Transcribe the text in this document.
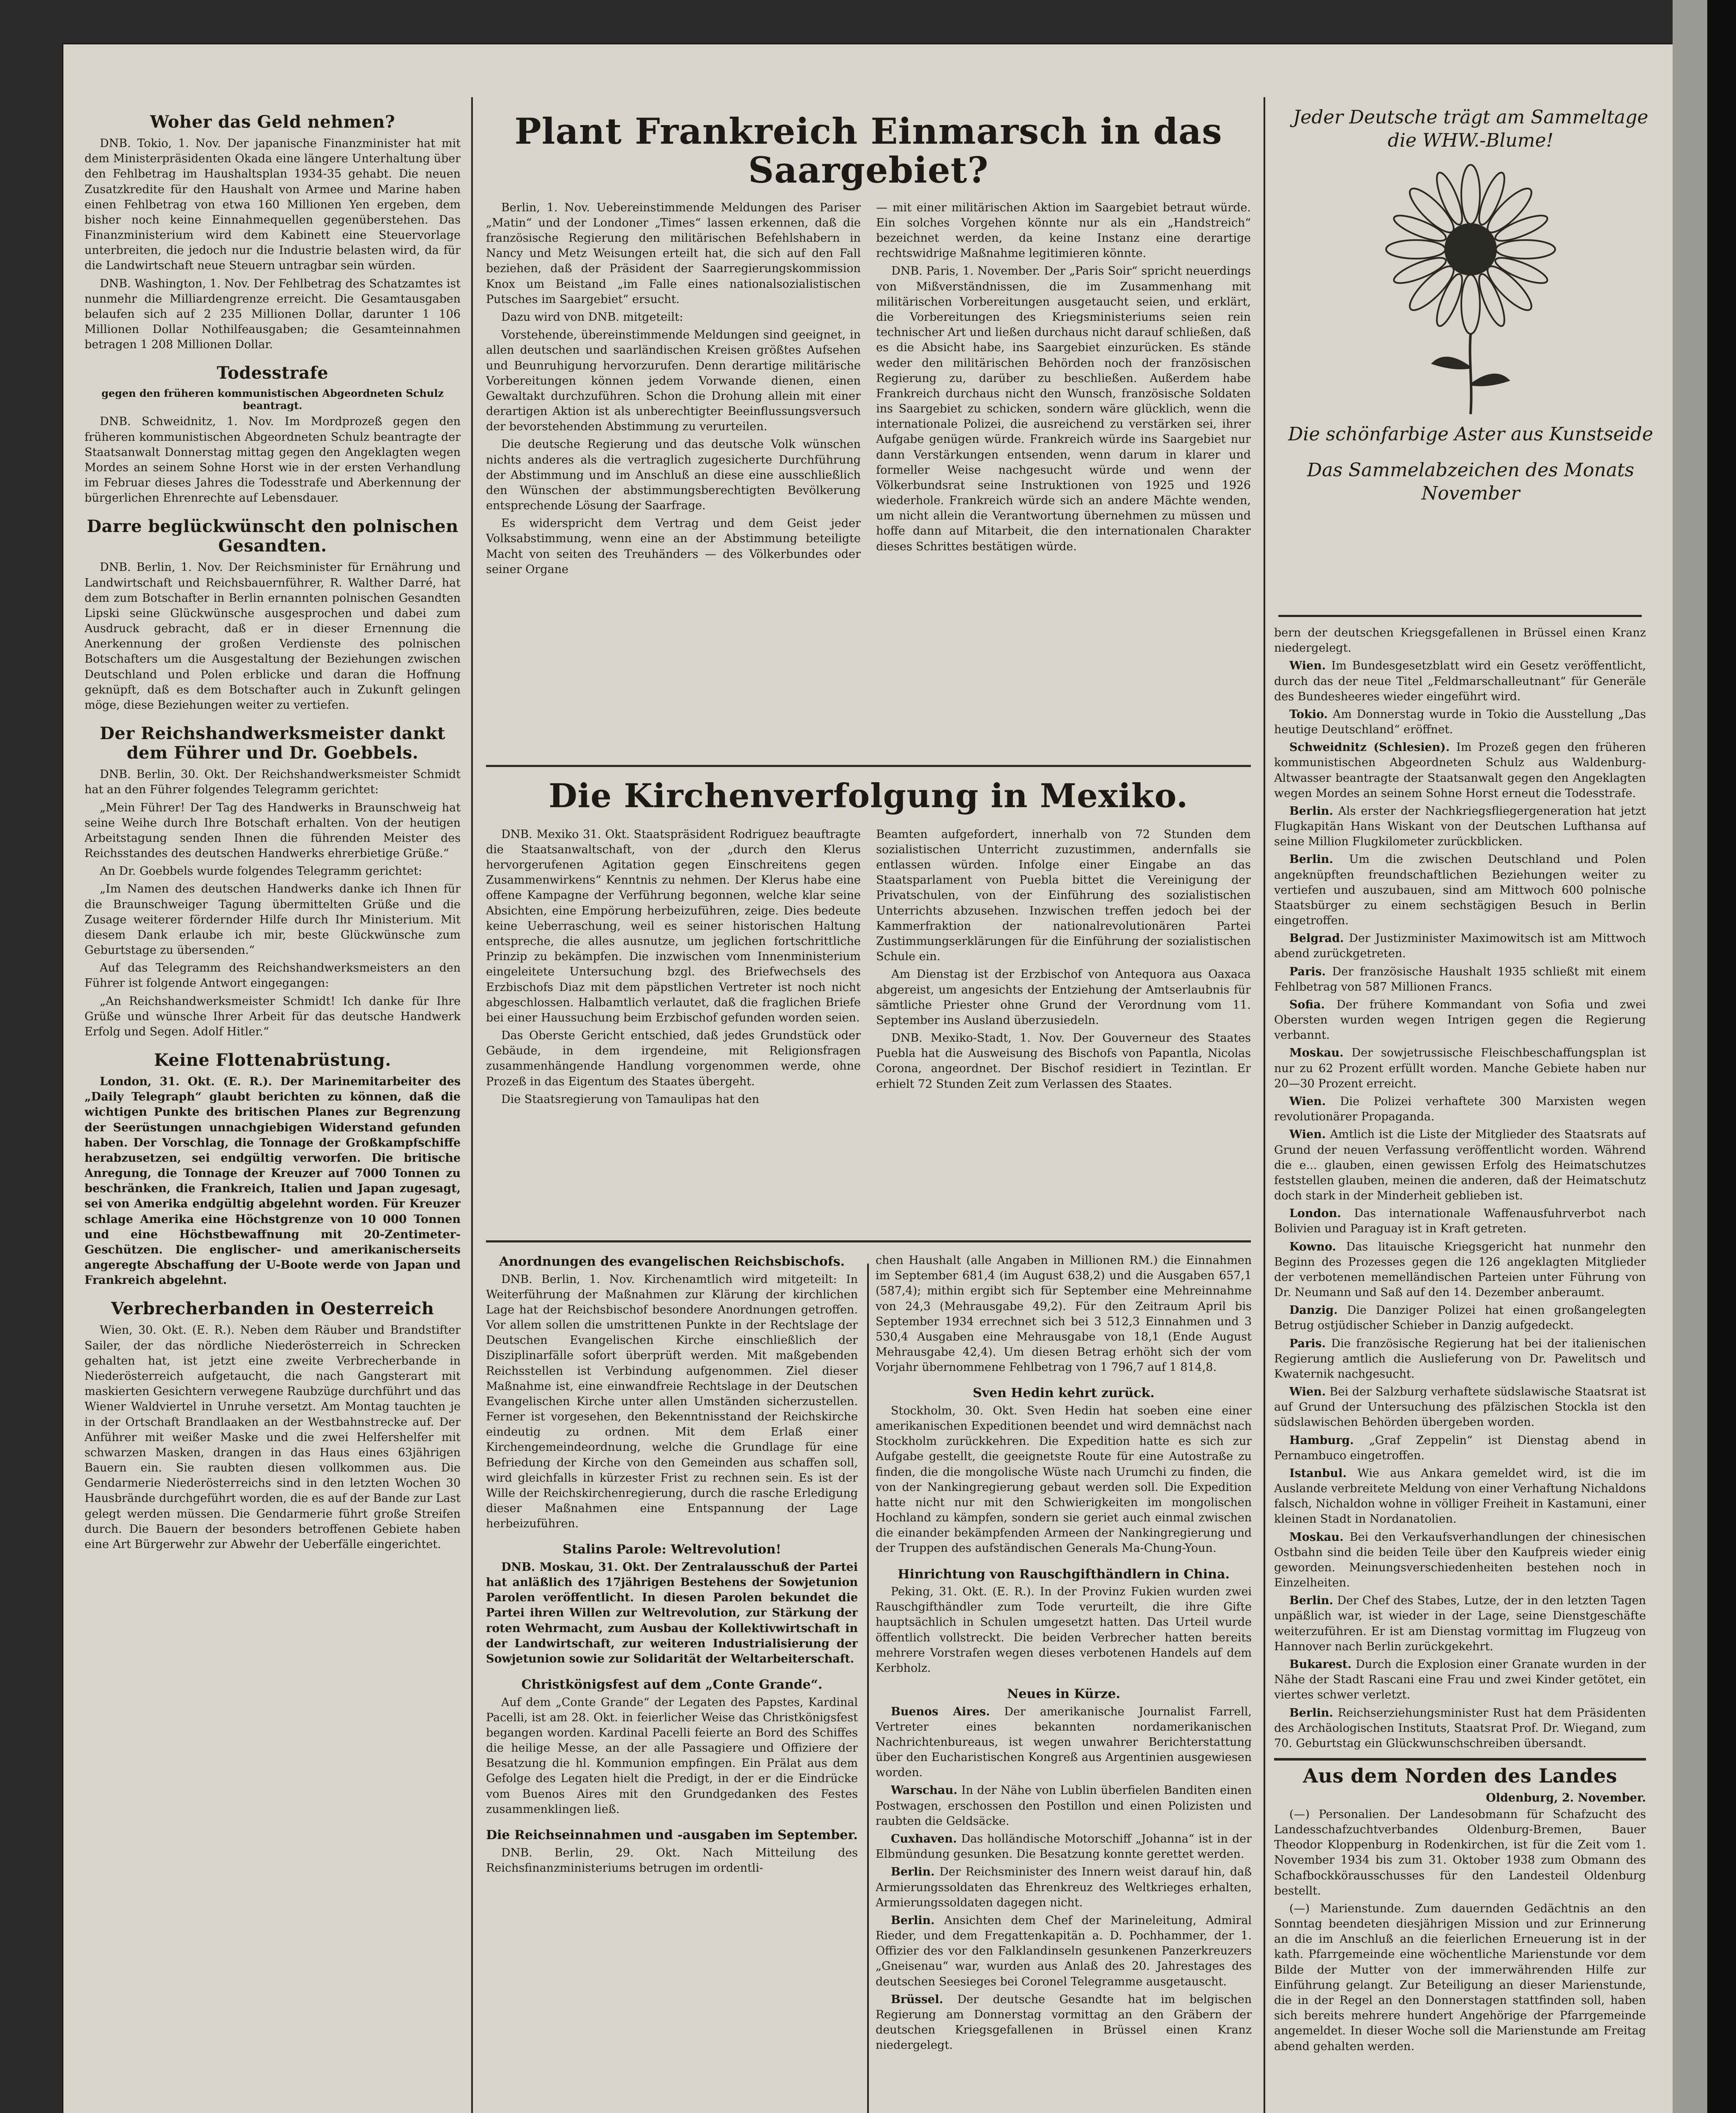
Woher das Geld nehmen?

DNB. Tokio, 1. Nov. Der japanische Finanzminister hat mit dem Ministerpräsidenten Okada eine längere Unterhaltung über den Fehlbetrag im Haushaltsplan 1934-35 gehabt. Die neuen Zusatzkredite für den Haushalt von Armee und Marine haben einen Fehlbetrag von etwa 160 Millionen Yen ergeben, dem bisher noch keine Einnahmequellen gegenüberstehen. Das Finanzministerium wird dem Kabinett eine Steuervorlage unterbreiten, die jedoch nur die Industrie belasten wird, da für die Landwirtschaft neue Steuern untragbar sein würden.

DNB. Washington, 1. Nov. Der Fehlbetrag des Schatzamtes ist nunmehr die Milliardengrenze erreicht. Die Gesamtausgaben belaufen sich auf 2 235 Millionen Dollar, darunter 1 106 Millionen Dollar Nothilfeausgaben; die Gesamteinnahmen betragen 1 208 Millionen Dollar.

Todesstrafe
gegen den früheren kommunistischen Abgeordneten Schulz beantragt.

DNB. Schweidnitz, 1. Nov. Im Mordprozeß gegen den früheren kommunistischen Abgeordneten Schulz beantragte der Staatsanwalt Donnerstag mittag gegen den Angeklagten wegen Mordes an seinem Sohne Horst wie in der ersten Verhandlung im Februar dieses Jahres die Todesstrafe und Aberkennung der bürgerlichen Ehrenrechte auf Lebensdauer.

Darre beglückwünscht den polnischen Gesandten.

DNB. Berlin, 1. Nov. Der Reichsminister für Ernährung und Landwirtschaft und Reichsbauernführer, R. Walther Darré, hat dem zum Botschafter in Berlin ernannten polnischen Gesandten Lipski seine Glückwünsche ausgesprochen und dabei zum Ausdruck gebracht, daß er in dieser Ernennung die Anerkennung der großen Verdienste des polnischen Botschafters um die Ausgestaltung der Beziehungen zwischen Deutschland und Polen erblicke und daran die Hoffnung geknüpft, daß es dem Botschafter auch in Zukunft gelingen möge, diese Beziehungen weiter zu vertiefen.

Der Reichshandwerksmeister dankt dem Führer und Dr. Goebbels.

DNB. Berlin, 30. Okt. Der Reichshandwerksmeister Schmidt hat an den Führer folgendes Telegramm gerichtet:

„Mein Führer! Der Tag des Handwerks in Braunschweig hat seine Weihe durch Ihre Botschaft erhalten. Von der heutigen Arbeitstagung senden Ihnen die führenden Meister des Reichsstandes des deutschen Handwerks ehrerbietige Grüße.“

An Dr. Goebbels wurde folgendes Telegramm gerichtet:

„Im Namen des deutschen Handwerks danke ich Ihnen für die Braunschweiger Tagung übermittelten Grüße und die Zusage weiterer fördernder Hilfe durch Ihr Ministerium. Mit diesem Dank erlaube ich mir, beste Glückwünsche zum Geburtstage zu übersenden.“

Auf das Telegramm des Reichshandwerksmeisters an den Führer ist folgende Antwort eingegangen:

„An Reichshandwerksmeister Schmidt! Ich danke für Ihre Grüße und wünsche Ihrer Arbeit für das deutsche Handwerk Erfolg und Segen. Adolf Hitler.“

Keine Flottenabrüstung.

London, 31. Okt. (E. R.). Der Marinemitarbeiter des „Daily Telegraph“ glaubt berichten zu können, daß die wichtigen Punkte des britischen Planes zur Begrenzung der Seerüstungen unnachgiebigen Widerstand gefunden haben. Der Vorschlag, die Tonnage der Großkampfschiffe herabzusetzen, sei endgültig verworfen. Die britische Anregung, die Tonnage der Kreuzer auf 7000 Tonnen zu beschränken, die Frankreich, Italien und Japan zugesagt, sei von Amerika endgültig abgelehnt worden. Für Kreuzer schlage Amerika eine Höchstgrenze von 10 000 Tonnen und eine Höchstbewaffnung mit 20-Zentimeter-Geschützen. Die englischer- und amerikanischerseits angeregte Abschaffung der U-Boote werde von Japan und Frankreich abgelehnt.

Verbrecherbanden in Oesterreich

Wien, 30. Okt. (E. R.). Neben dem Räuber und Brandstifter Sailer, der das nördliche Niederösterreich in Schrecken gehalten hat, ist jetzt eine zweite Verbrecherbande in Niederösterreich aufgetaucht, die nach Gangsterart mit maskierten Gesichtern verwegene Raubzüge durchführt und das Wiener Waldviertel in Unruhe versetzt. Am Montag tauchten je in der Ortschaft Brandlaaken an der Westbahnstrecke auf. Der Anführer mit weißer Maske und die zwei Helfershelfer mit schwarzen Masken, drangen in das Haus eines 63jährigen Bauern ein. Sie raubten diesen vollkommen aus. Die Gendarmerie Niederösterreichs sind in den letzten Wochen 30 Hausbrände durchgeführt worden, die es auf der Bande zur Last gelegt werden müssen. Die Gendarmerie führt große Streifen durch. Die Bauern der besonders betroffenen Gebiete haben eine Art Bürgerwehr zur Abwehr der Ueberfälle eingerichtet.

Plant Frankreich Einmarsch in das Saargebiet?

Berlin, 1. Nov. Uebereinstimmende Meldungen des Pariser „Matin“ und der Londoner „Times“ lassen erkennen, daß die französische Regierung den militärischen Befehlshabern in Nancy und Metz Weisungen erteilt hat, die sich auf den Fall beziehen, daß der Präsident der Saarregierungskommission Knox um Beistand „im Falle eines nationalsozialistischen Putsches im Saargebiet“ ersucht.

Dazu wird von DNB. mitgeteilt:

Vorstehende, übereinstimmende Meldungen sind geeignet, in allen deutschen und saarländischen Kreisen größtes Aufsehen und Beunruhigung hervorzurufen. Denn derartige militärische Vorbereitungen können jedem Vorwande dienen, einen Gewaltakt durchzuführen. Schon die Drohung allein mit einer derartigen Aktion ist als unberechtigter Beeinflussungsversuch der bevorstehenden Abstimmung zu verurteilen.

Die deutsche Regierung und das deutsche Volk wünschen nichts anderes als die vertraglich zugesicherte Durchführung der Abstimmung und im Anschluß an diese eine ausschließlich den Wünschen der abstimmungsberechtigten Bevölkerung entsprechende Lösung der Saarfrage.

Es widerspricht dem Vertrag und dem Geist jeder Volksabstimmung, wenn eine an der Abstimmung beteiligte Macht von seiten des Treuhänders — des Völkerbundes oder seiner Organe

— mit einer militärischen Aktion im Saargebiet betraut würde. Ein solches Vorgehen könnte nur als ein „Handstreich“ bezeichnet werden, da keine Instanz eine derartige rechtswidrige Maßnahme legitimieren könnte.

DNB. Paris, 1. November. Der „Paris Soir“ spricht neuerdings von Mißverständnissen, die im Zusammenhang mit militärischen Vorbereitungen ausgetaucht seien, und erklärt, die Vorbereitungen des Kriegsministeriums seien rein technischer Art und ließen durchaus nicht darauf schließen, daß es die Absicht habe, ins Saargebiet einzurücken. Es stände weder den militärischen Behörden noch der französischen Regierung zu, darüber zu beschließen. Außerdem habe Frankreich durchaus nicht den Wunsch, französische Soldaten ins Saargebiet zu schicken, sondern wäre glücklich, wenn die internationale Polizei, die ausreichend zu verstärken sei, ihrer Aufgabe genügen würde. Frankreich würde ins Saargebiet nur dann Verstärkungen entsenden, wenn darum in klarer und formeller Weise nachgesucht würde und wenn der Völkerbundsrat seine Instruktionen von 1925 und 1926 wiederhole. Frankreich würde sich an andere Mächte wenden, um nicht allein die Verantwortung übernehmen zu müssen und hoffe dann auf Mitarbeit, die den internationalen Charakter dieses Schrittes bestätigen würde.

Die Kirchenverfolgung in Mexiko.

DNB. Mexiko 31. Okt. Staatspräsident Rodriguez beauftragte die Staatsanwaltschaft, von der „durch den Klerus hervorgerufenen Agitation gegen Einschreitens gegen Zusammenwirkens“ Kenntnis zu nehmen. Der Klerus habe eine offene Kampagne der Verführung begonnen, welche klar seine Absichten, eine Empörung herbeizuführen, zeige. Dies bedeute keine Ueberraschung, weil es seiner historischen Haltung entspreche, die alles ausnutze, um jeglichen fortschrittliche Prinzip zu bekämpfen. Die inzwischen vom Innenministerium eingeleitete Untersuchung bzgl. des Briefwechsels des Erzbischofs Diaz mit dem päpstlichen Vertreter ist noch nicht abgeschlossen. Halbamtlich verlautet, daß die fraglichen Briefe bei einer Haussuchung beim Erzbischof gefunden worden seien.

Das Oberste Gericht entschied, daß jedes Grundstück oder Gebäude, in dem irgendeine, mit Religionsfragen zusammenhängende Handlung vorgenommen werde, ohne Prozeß in das Eigentum des Staates übergeht.

Die Staatsregierung von Tamaulipas hat den

Beamten aufgefordert, innerhalb von 72 Stunden dem sozialistischen Unterricht zuzustimmen, andernfalls sie entlassen würden. Infolge einer Eingabe an das Staatsparlament von Puebla bittet die Vereinigung der Privatschulen, von der Einführung des sozialistischen Unterrichts abzusehen. Inzwischen treffen jedoch bei der Kammerfraktion der nationalrevolutionären Partei Zustimmungserklärungen für die Einführung der sozialistischen Schule ein.

Am Dienstag ist der Erzbischof von Antequora aus Oaxaca abgereist, um angesichts der Entziehung der Amtserlaubnis für sämtliche Priester ohne Grund der Verordnung vom 11. September ins Ausland überzusiedeln.

DNB. Mexiko-Stadt, 1. Nov. Der Gouverneur des Staates Puebla hat die Ausweisung des Bischofs von Papantla, Nicolas Corona, angeordnet. Der Bischof residiert in Tezintlan. Er erhielt 72 Stunden Zeit zum Verlassen des Staates.

Anordnungen des evangelischen Reichsbischofs.

DNB. Berlin, 1. Nov. Kirchenamtlich wird mitgeteilt: In Weiterführung der Maßnahmen zur Klärung der kirchlichen Lage hat der Reichsbischof besondere Anordnungen getroffen. Vor allem sollen die umstrittenen Punkte in der Rechtslage der Deutschen Evangelischen Kirche einschließlich der Disziplinarfälle sofort überprüft werden. Mit maßgebenden Reichsstellen ist Verbindung aufgenommen. Ziel dieser Maßnahme ist, eine einwandfreie Rechtslage in der Deutschen Evangelischen Kirche unter allen Umständen sicherzustellen. Ferner ist vorgesehen, den Bekenntnisstand der Reichskirche eindeutig zu ordnen. Mit dem Erlaß einer Kirchengemeindeordnung, welche die Grundlage für eine Befriedung der Kirche von den Gemeinden aus schaffen soll, wird gleichfalls in kürzester Frist zu rechnen sein. Es ist der Wille der Reichskirchenregierung, durch die rasche Erledigung dieser Maßnahmen eine Entspannung der Lage herbeizuführen.

Stalins Parole: Weltrevolution!

DNB. Moskau, 31. Okt. Der Zentralausschuß der Partei hat anläßlich des 17jährigen Bestehens der Sowjetunion Parolen veröffentlicht. In diesen Parolen bekundet die Partei ihren Willen zur Weltrevolution, zur Stärkung der roten Wehrmacht, zum Ausbau der Kollektivwirtschaft in der Landwirtschaft, zur weiteren Industrialisierung der Sowjetunion sowie zur Solidarität der Weltarbeiterschaft.

Christkönigsfest auf dem „Conte Grande“.

Auf dem „Conte Grande“ der Legaten des Papstes, Kardinal Pacelli, ist am 28. Okt. in feierlicher Weise das Christkönigsfest begangen worden. Kardinal Pacelli feierte an Bord des Schiffes die heilige Messe, an der alle Passagiere und Offiziere der Besatzung die hl. Kommunion empfingen. Ein Prälat aus dem Gefolge des Legaten hielt die Predigt, in der er die Eindrücke vom Buenos Aires mit den Grundgedanken des Festes zusammenklingen ließ.

Die Reichseinnahmen und -ausgaben im September.

DNB. Berlin, 29. Okt. Nach Mitteilung des Reichsfinanzministeriums betrugen im ordentli-

chen Haushalt (alle Angaben in Millionen RM.) die Einnahmen im September 681,4 (im August 638,2) und die Ausgaben 657,1 (587,4); mithin ergibt sich für September eine Mehreinnahme von 24,3 (Mehrausgabe 49,2). Für den Zeitraum April bis September 1934 errechnet sich bei 3 512,3 Einnahmen und 3 530,4 Ausgaben eine Mehrausgabe von 18,1 (Ende August Mehrausgabe 42,4). Um diesen Betrag erhöht sich der vom Vorjahr übernommene Fehlbetrag von 1 796,7 auf 1 814,8.

Sven Hedin kehrt zurück.

Stockholm, 30. Okt. Sven Hedin hat soeben eine einer amerikanischen Expeditionen beendet und wird demnächst nach Stockholm zurückkehren. Die Expedition hatte es sich zur Aufgabe gestellt, die geeignetste Route für eine Autostraße zu finden, die die mongolische Wüste nach Urumchi zu finden, die von der Nankingregierung gebaut werden soll. Die Expedition hatte nicht nur mit den Schwierigkeiten im mongolischen Hochland zu kämpfen, sondern sie geriet auch einmal zwischen die einander bekämpfenden Armeen der Nankingregierung und der Truppen des aufständischen Generals Ma-Chung-Youn.

Hinrichtung von Rauschgifthändlern in China.

Peking, 31. Okt. (E. R.). In der Provinz Fukien wurden zwei Rauschgifthändler zum Tode verurteilt, die ihre Gifte hauptsächlich in Schulen umgesetzt hatten. Das Urteil wurde öffentlich vollstreckt. Die beiden Verbrecher hatten bereits mehrere Vorstrafen wegen dieses verbotenen Handels auf dem Kerbholz.

Neues in Kürze.

Buenos Aires. Der amerikanische Journalist Farrell, Vertreter eines bekannten nordamerikanischen Nachrichtenbureaus, ist wegen unwahrer Berichterstattung über den Eucharistischen Kongreß aus Argentinien ausgewiesen worden.

Warschau. In der Nähe von Lublin überfielen Banditen einen Postwagen, erschossen den Postillon und einen Polizisten und raubten die Geldsäcke.

Cuxhaven. Das holländische Motorschiff „Johanna“ ist in der Elbmündung gesunken. Die Besatzung konnte gerettet werden.

Berlin. Der Reichsminister des Innern weist darauf hin, daß Armierungssoldaten das Ehrenkreuz des Weltkrieges erhalten, Armierungssoldaten dagegen nicht.

Berlin. Ansichten dem Chef der Marineleitung, Admiral Rieder, und dem Fregattenkapitän a. D. Pochhammer, der 1. Offizier des vor den Falklandinseln gesunkenen Panzerkreuzers „Gneisenau“ war, wurden aus Anlaß des 20. Jahrestages des deutschen Seesieges bei Coronel Telegramme ausgetauscht.

Brüssel. Der deutsche Gesandte hat im belgischen Regierung am Donnerstag vormittag an den Gräbern der deutschen Kriegsgefallenen in Brüssel einen Kranz niedergelegt.

Jeder Deutsche trägt am Sammeltage die WHW.-Blume!
Die schönfarbige Aster aus Kunstseide
Das Sammelabzeichen des Monats November

bern der deutschen Kriegsgefallenen in Brüssel einen Kranz niedergelegt.

Wien. Im Bundesgesetzblatt wird ein Gesetz veröffentlicht, durch das der neue Titel „Feldmarschalleutnant“ für Generäle des Bundesheeres wieder eingeführt wird.

Tokio. Am Donnerstag wurde in Tokio die Ausstellung „Das heutige Deutschland“ eröffnet.

Schweidnitz (Schlesien). Im Prozeß gegen den früheren kommunistischen Abgeordneten Schulz aus Waldenburg-Altwasser beantragte der Staatsanwalt gegen den Angeklagten wegen Mordes an seinem Sohne Horst erneut die Todesstrafe.

Berlin. Als erster der Nachkriegsfliegergeneration hat jetzt Flugkapitän Hans Wiskant von der Deutschen Lufthansa auf seine Million Flugkilometer zurückblicken.

Berlin. Um die zwischen Deutschland und Polen angeknüpften freundschaftlichen Beziehungen weiter zu vertiefen und auszubauen, sind am Mittwoch 600 polnische Staatsbürger zu einem sechstägigen Besuch in Berlin eingetroffen.

Belgrad. Der Justizminister Maximowitsch ist am Mittwoch abend zurückgetreten.

Paris. Der französische Haushalt 1935 schließt mit einem Fehlbetrag von 587 Millionen Francs.

Sofia. Der frühere Kommandant von Sofia und zwei Obersten wurden wegen Intrigen gegen die Regierung verbannt.

Moskau. Der sowjetrussische Fleischbeschaffungsplan ist nur zu 62 Prozent erfüllt worden. Manche Gebiete haben nur 20—30 Prozent erreicht.

Wien. Die Polizei verhaftete 300 Marxisten wegen revolutionärer Propaganda.

Wien. Amtlich ist die Liste der Mitglieder des Staatsrats auf Grund der neuen Verfassung veröffentlicht worden. Während die e... glauben, einen gewissen Erfolg des Heimatschutzes feststellen glauben, meinen die anderen, daß der Heimatschutz doch stark in der Minderheit geblieben ist.

London. Das internationale Waffenausfuhrverbot nach Bolivien und Paraguay ist in Kraft getreten.

Kowno. Das litauische Kriegsgericht hat nunmehr den Beginn des Prozesses gegen die 126 angeklagten Mitglieder der verbotenen memelländischen Parteien unter Führung von Dr. Neumann und Saß auf den 14. Dezember anberaumt.

Danzig. Die Danziger Polizei hat einen großangelegten Betrug ostjüdischer Schieber in Danzig aufgedeckt.

Paris. Die französische Regierung hat bei der italienischen Regierung amtlich die Auslieferung von Dr. Pawelitsch und Kwaternik nachgesucht.

Wien. Bei der Salzburg verhaftete südslawische Staatsrat ist auf Grund der Untersuchung des pfälzischen Stockla ist den südslawischen Behörden übergeben worden.

Hamburg. „Graf Zeppelin“ ist Dienstag abend in Pernambuco eingetroffen.

Istanbul. Wie aus Ankara gemeldet wird, ist die im Auslande verbreitete Meldung von einer Verhaftung Nichaldons falsch, Nichaldon wohne in völliger Freiheit in Kastamuni, einer kleinen Stadt in Nordanatolien.

Moskau. Bei den Verkaufsverhandlungen der chinesischen Ostbahn sind die beiden Teile über den Kaufpreis wieder einig geworden. Meinungsverschiedenheiten bestehen noch in Einzelheiten.

Berlin. Der Chef des Stabes, Lutze, der in den letzten Tagen unpäßlich war, ist wieder in der Lage, seine Dienstgeschäfte weiterzuführen. Er ist am Dienstag vormittag im Flugzeug von Hannover nach Berlin zurückgekehrt.

Bukarest. Durch die Explosion einer Granate wurden in der Nähe der Stadt Rascani eine Frau und zwei Kinder getötet, ein viertes schwer verletzt.

Berlin. Reichserziehungsminister Rust hat dem Präsidenten des Archäologischen Instituts, Staatsrat Prof. Dr. Wiegand, zum 70. Geburtstag ein Glückwunschschreiben übersandt.

Aus dem Norden des Landes
Oldenburg, 2. November.

(—) Personalien. Der Landesobmann für Schafzucht des Landesschafzuchtverbandes Oldenburg-Bremen, Bauer Theodor Kloppenburg in Rodenkirchen, ist für die Zeit vom 1. November 1934 bis zum 31. Oktober 1938 zum Obmann des Schafbockkörausschusses für den Landesteil Oldenburg bestellt.

(—) Marienstunde. Zum dauernden Gedächtnis an den Sonntag beendeten diesjährigen Mission und zur Erinnerung an die im Anschluß an die feierlichen Erneuerung ist in der kath. Pfarrgemeinde eine wöchentliche Marienstunde vor dem Bilde der Mutter von der immerwährenden Hilfe zur Einführung gelangt. Zur Beteiligung an dieser Marienstunde, die in der Regel an den Donnerstagen stattfinden soll, haben sich bereits mehrere hundert Angehörige der Pfarrgemeinde angemeldet. In dieser Woche soll die Marienstunde am Freitag abend gehalten werden.
